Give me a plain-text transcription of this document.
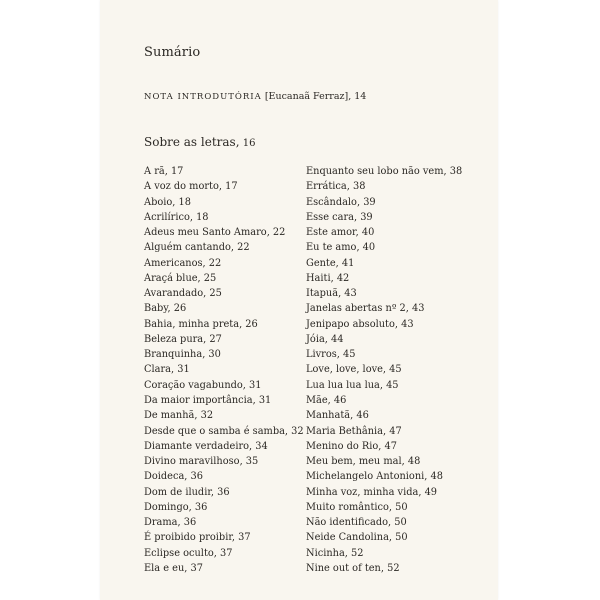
Sumário
NOTA INTRODUTÓRIA [Eucanaã Ferraz], 14
Sobre as letras, 16
A rã, 17
A voz do morto, 17
Aboio, 18
Acrilírico, 18
Adeus meu Santo Amaro, 22
Alguém cantando, 22
Americanos, 22
Araçá blue, 25
Avarandado, 25
Baby, 26
Bahia, minha preta, 26
Beleza pura, 27
Branquinha, 30
Clara, 31
Coração vagabundo, 31
Da maior importância, 31
De manhã, 32
Desde que o samba é samba, 32
Diamante verdadeiro, 34
Divino maravilhoso, 35
Doideca, 36
Dom de iludir, 36
Domingo, 36
Drama, 36
É proibido proibir, 37
Eclipse oculto, 37
Ela e eu, 37
Enquanto seu lobo não vem, 38
Errática, 38
Escândalo, 39
Esse cara, 39
Este amor, 40
Eu te amo, 40
Gente, 41
Haiti, 42
Itapuã, 43
Janelas abertas nº 2, 43
Jenipapo absoluto, 43
Jóia, 44
Livros, 45
Love, love, love, 45
Lua lua lua lua, 45
Mãe, 46
Manhatã, 46
Maria Bethânia, 47
Menino do Rio, 47
Meu bem, meu mal, 48
Michelangelo Antonioni, 48
Minha voz, minha vida, 49
Muito romântico, 50
Não identificado, 50
Neide Candolina, 50
Nicinha, 52
Nine out of ten, 52
